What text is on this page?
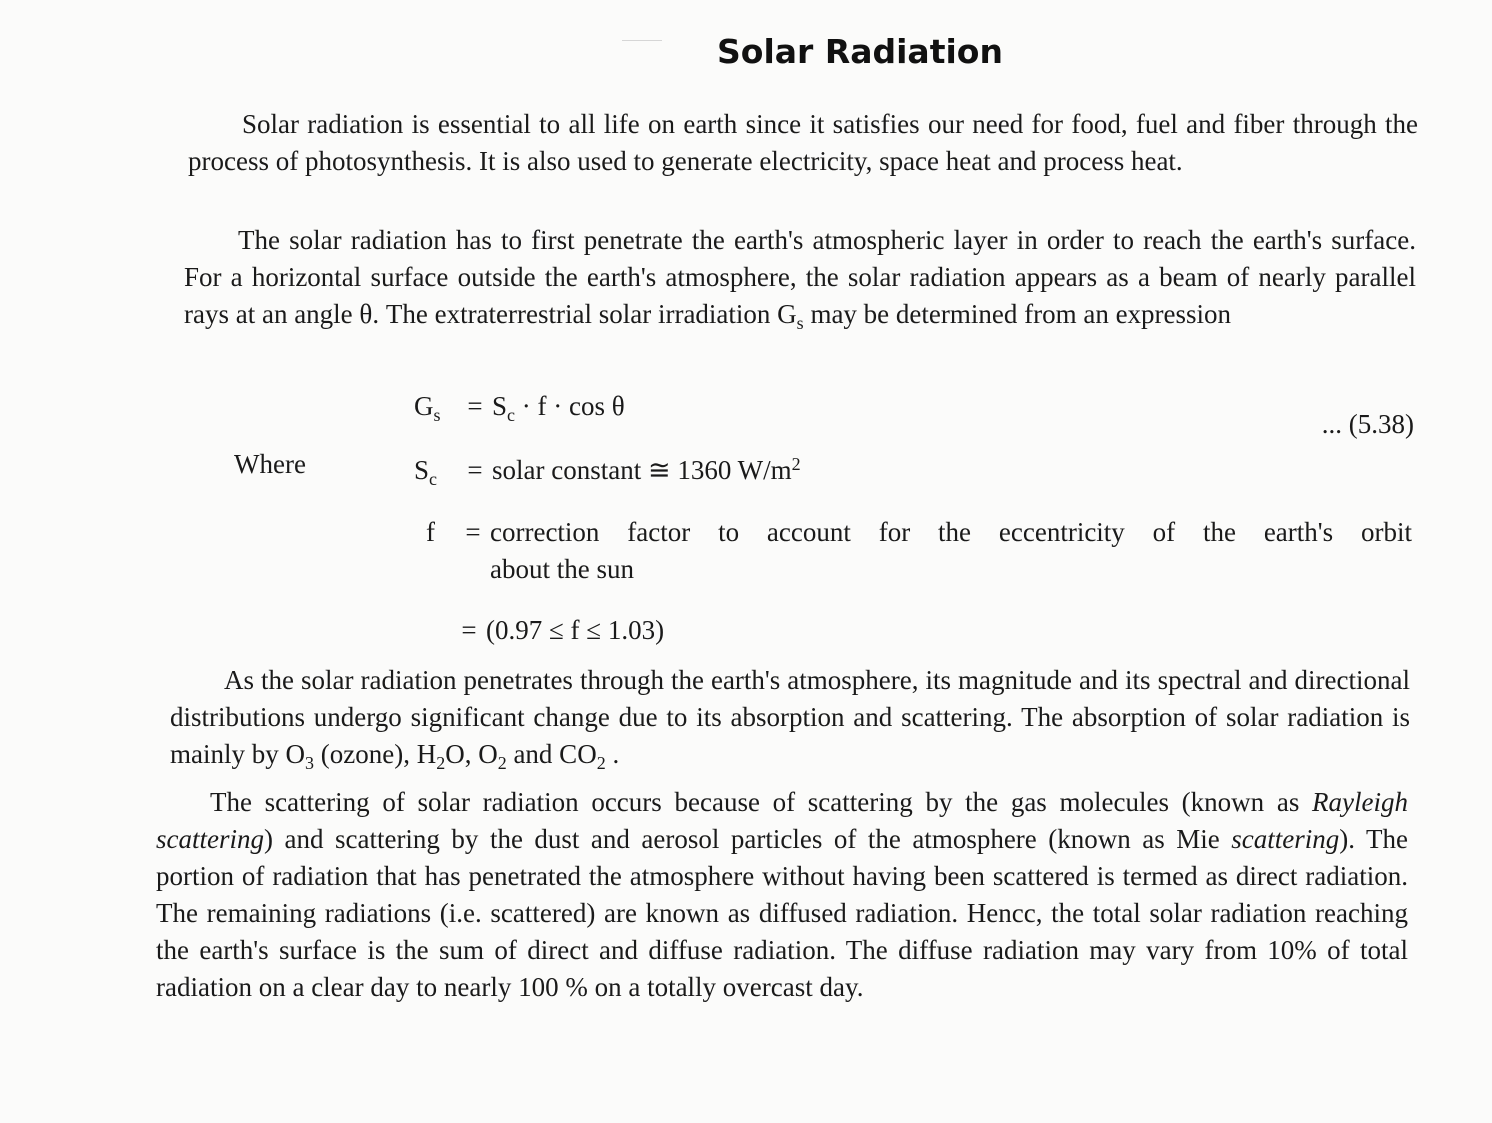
Solar Radiation

Solar radiation is essential to all life on earth since it satisfies our need for food, fuel and fiber through the process of photosynthesis. It is also used to generate electricity, space heat and process heat.

The solar radiation has to first penetrate the earth's atmospheric layer in order to reach the earth's surface. For a horizontal surface outside the earth's atmosphere, the solar radiation appears as a beam of nearly parallel rays at an angle θ. The extraterrestrial solar irradiation $G_s$ may be determined from an expression

$G_s = S_c \cdot f \cdot \cos \theta$
... (5.38)
Where	$S_c$ = solar constant ≅ 1360 $W/m^2$
f = correction factor to account for the eccentricity of the earth's orbit
about the sun
= (0.97 ≤ f ≤ 1.03)

As the solar radiation penetrates through the earth's atmosphere, its magnitude and its spectral and directional distributions undergo significant change due to its absorption and scattering. The absorption of solar radiation is mainly by $O_3$ (ozone), $H_2O$, $O_2$ and $CO_2$ .

The scattering of solar radiation occurs because of scattering by the gas molecules (known as Rayleigh scattering) and scattering by the dust and aerosol particles of the atmosphere (known as Mie scattering). The portion of radiation that has penetrated the atmosphere without having been scattered is termed as direct radiation. The remaining radiations (i.e. scattered) are known as diffused radiation. Hencc, the total solar radiation reaching the earth's surface is the sum of direct and diffuse radiation. The diffuse radiation may vary from 10% of total radiation on a clear day to nearly 100 % on a totally overcast day.
